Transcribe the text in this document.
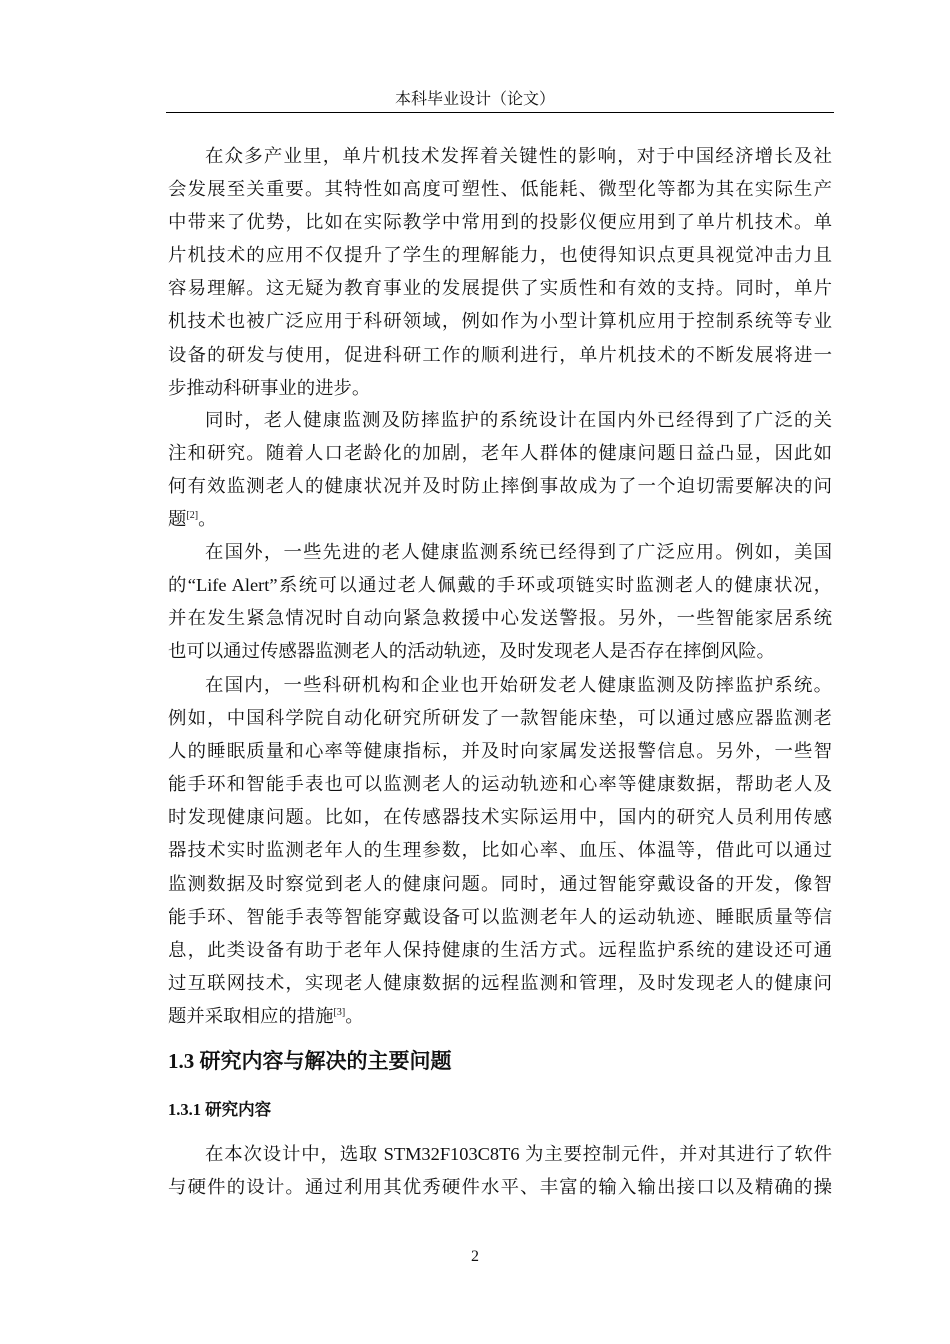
本科毕业设计（论文）
在众多产业里，单片机技术发挥着关键性的影响，对于中国经济增长及社
会发展至关重要。其特性如高度可塑性、低能耗、微型化等都为其在实际生产
中带来了优势，比如在实际教学中常用到的投影仪便应用到了单片机技术。单
片机技术的应用不仅提升了学生的理解能力，也使得知识点更具视觉冲击力且
容易理解。这无疑为教育事业的发展提供了实质性和有效的支持。同时，单片
机技术也被广泛应用于科研领域，例如作为小型计算机应用于控制系统等专业
设备的研发与使用，促进科研工作的顺利进行，单片机技术的不断发展将进一
步推动科研事业的进步。
同时，老人健康监测及防摔监护的系统设计在国内外已经得到了广泛的关
注和研究。随着人口老龄化的加剧，老年人群体的健康问题日益凸显，因此如
何有效监测老人的健康状况并及时防止摔倒事故成为了一个迫切需要解决的问
题[2]。
在国外，一些先进的老人健康监测系统已经得到了广泛应用。例如，美国
的“Life Alert”系统可以通过老人佩戴的手环或项链实时监测老人的健康状况，
并在发生紧急情况时自动向紧急救援中心发送警报。另外，一些智能家居系统
也可以通过传感器监测老人的活动轨迹，及时发现老人是否存在摔倒风险。
在国内，一些科研机构和企业也开始研发老人健康监测及防摔监护系统。
例如，中国科学院自动化研究所研发了一款智能床垫，可以通过感应器监测老
人的睡眠质量和心率等健康指标，并及时向家属发送报警信息。另外，一些智
能手环和智能手表也可以监测老人的运动轨迹和心率等健康数据，帮助老人及
时发现健康问题。比如，在传感器技术实际运用中，国内的研究人员利用传感
器技术实时监测老年人的生理参数，比如心率、血压、体温等，借此可以通过
监测数据及时察觉到老人的健康问题。同时，通过智能穿戴设备的开发，像智
能手环、智能手表等智能穿戴设备可以监测老年人的运动轨迹、睡眠质量等信
息，此类设备有助于老年人保持健康的生活方式。远程监护系统的建设还可通
过互联网技术，实现老人健康数据的远程监测和管理，及时发现老人的健康问
题并采取相应的措施[3]。
1.3 研究内容与解决的主要问题
1.3.1 研究内容
在本次设计中，选取 STM32F103C8T6 为主要控制元件，并对其进行了软件
与硬件的设计。通过利用其优秀硬件水平、丰富的输入输出接口以及精确的操
2
